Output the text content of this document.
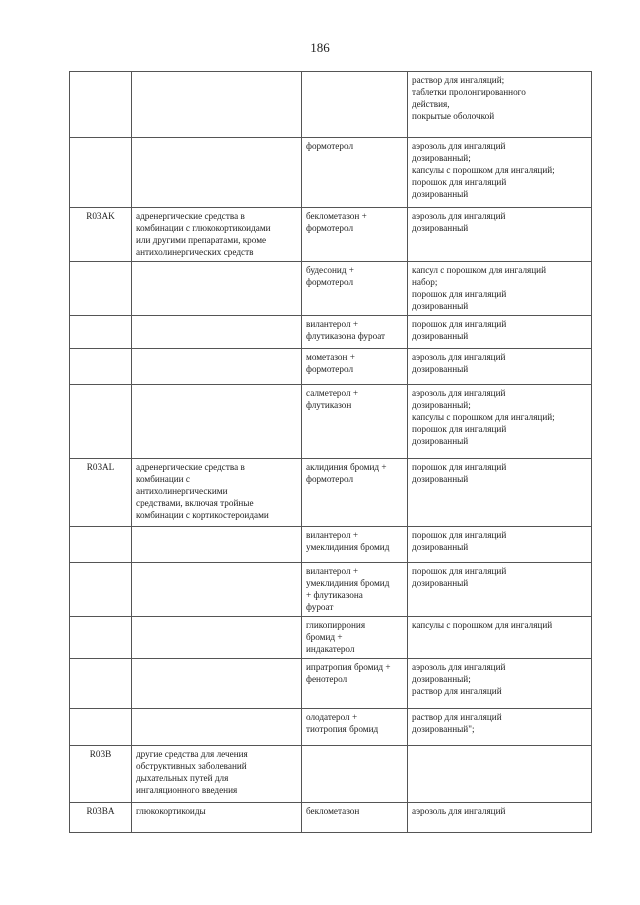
186

			раствор для ингаляций;
таблетки пролонгированного
действия,
покрытые оболочкой

		формотерол	аэрозоль для ингаляций
дозированный;
капсулы с порошком для ингаляций;
порошок для ингаляций
дозированный

R03AK	адренергические средства в
комбинации с глюкокортикоидами
или другими препаратами, кроме
антихолинергических средств	беклометазон +
формотерол	аэрозоль для ингаляций
дозированный

		будесонид +
формотерол	капсул с порошком для ингаляций
набор;
порошок для ингаляций
дозированный

		вилантерол +
флутиказона фуроат	порошок для ингаляций
дозированный

		мометазон +
формотерол	аэрозоль для ингаляций
дозированный

		салметерол +
флутиказон	аэрозоль для ингаляций
дозированный;
капсулы с порошком для ингаляций;
порошок для ингаляций
дозированный

R03AL	адренергические средства в
комбинации с
антихолинергическими
средствами, включая тройные
комбинации с кортикостероидами	аклидиния бромид +
формотерол	порошок для ингаляций
дозированный

		вилантерол +
умеклидиния бромид	порошок для ингаляций
дозированный

		вилантерол +
умеклидиния бромид
+ флутиказона
фуроат	порошок для ингаляций
дозированный

		гликопиррония
бромид +
индакатерол	капсулы с порошком для ингаляций

		ипратропия бромид +
фенотерол	аэрозоль для ингаляций
дозированный;
раствор для ингаляций

		олодатерол +
тиотропия бромид	раствор для ингаляций
дозированный";

R03B	другие средства для лечения
обструктивных заболеваний
дыхательных путей для
ингаляционного введения		

R03BA	глюкокортикоиды	беклометазон	аэрозоль для ингаляций
